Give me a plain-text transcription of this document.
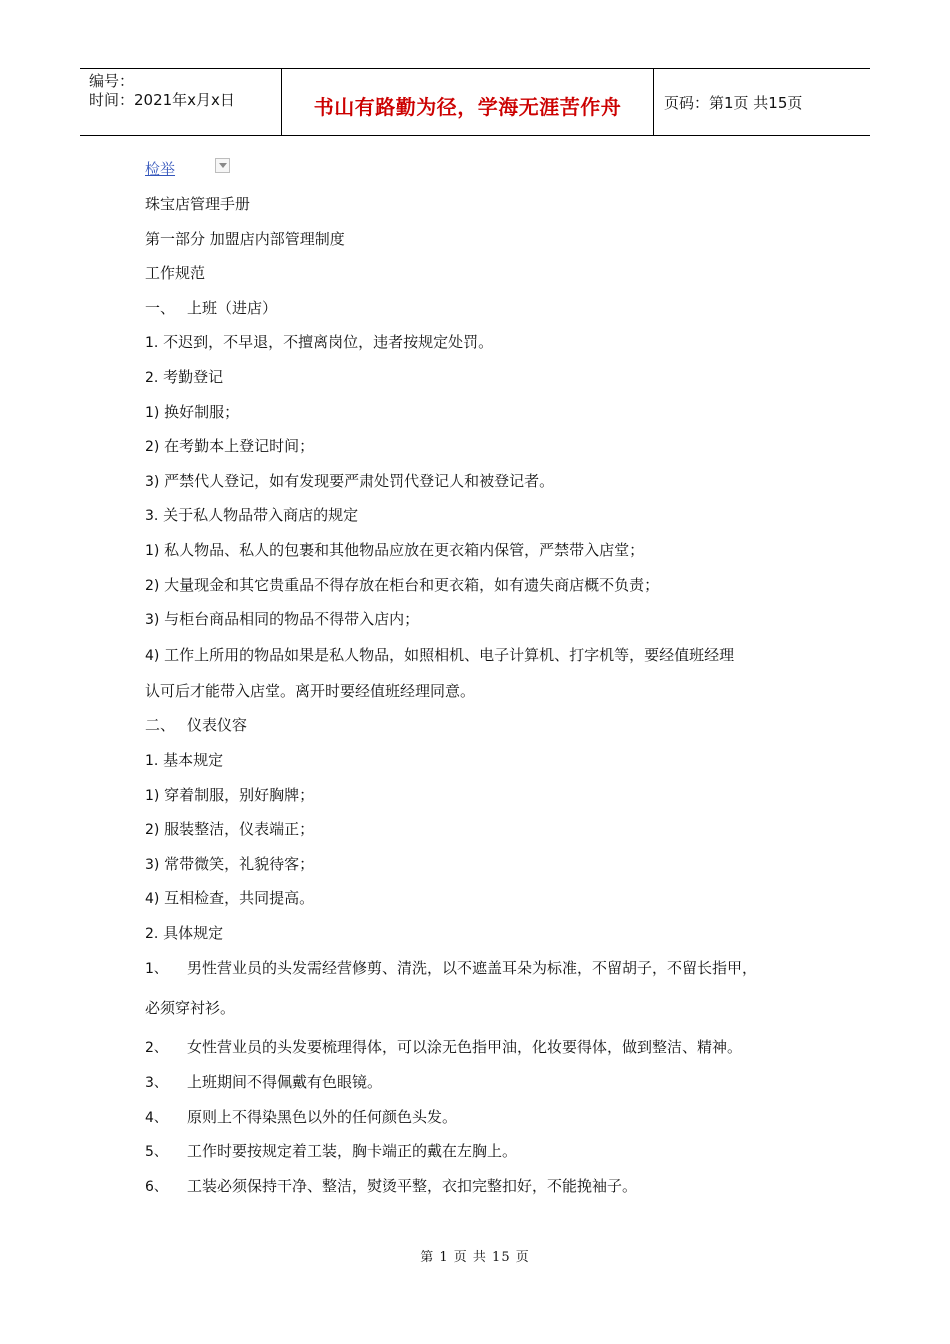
编号：
时间：2021年x月x日	书山有路勤为径，学海无涯苦作舟	页码：第1页 共15页
检举
珠宝店管理手册
第一部分 加盟店内部管理制度
工作规范
一、 上班（进店）
1. 不迟到，不早退，不擅离岗位，违者按规定处罚。
2. 考勤登记
1) 换好制服；
2) 在考勤本上登记时间；
3) 严禁代人登记，如有发现要严肃处罚代登记人和被登记者。
3. 关于私人物品带入商店的规定
1) 私人物品、私人的包裹和其他物品应放在更衣箱内保管，严禁带入店堂；
2) 大量现金和其它贵重品不得存放在柜台和更衣箱，如有遗失商店概不负责；
3) 与柜台商品相同的物品不得带入店内；
4) 工作上所用的物品如果是私人物品，如照相机、电子计算机、打字机等，要经值班经理
认可后才能带入店堂。离开时要经值班经理同意。
二、 仪表仪容
1. 基本规定
1) 穿着制服，别好胸牌；
2) 服装整洁，仪表端正；
3) 常带微笑，礼貌待客；
4) 互相检查，共同提高。
2. 具体规定
1、 男性营业员的头发需经营修剪、清洗，以不遮盖耳朵为标准，不留胡子，不留长指甲，
必须穿衬衫。
2、 女性营业员的头发要梳理得体，可以涂无色指甲油，化妆要得体，做到整洁、精神。
3、 上班期间不得佩戴有色眼镜。
4、 原则上不得染黑色以外的任何颜色头发。
5、 工作时要按规定着工装，胸卡端正的戴在左胸上。
6、 工装必须保持干净、整洁，熨烫平整，衣扣完整扣好，不能挽袖子。
第 1 页 共 15 页
